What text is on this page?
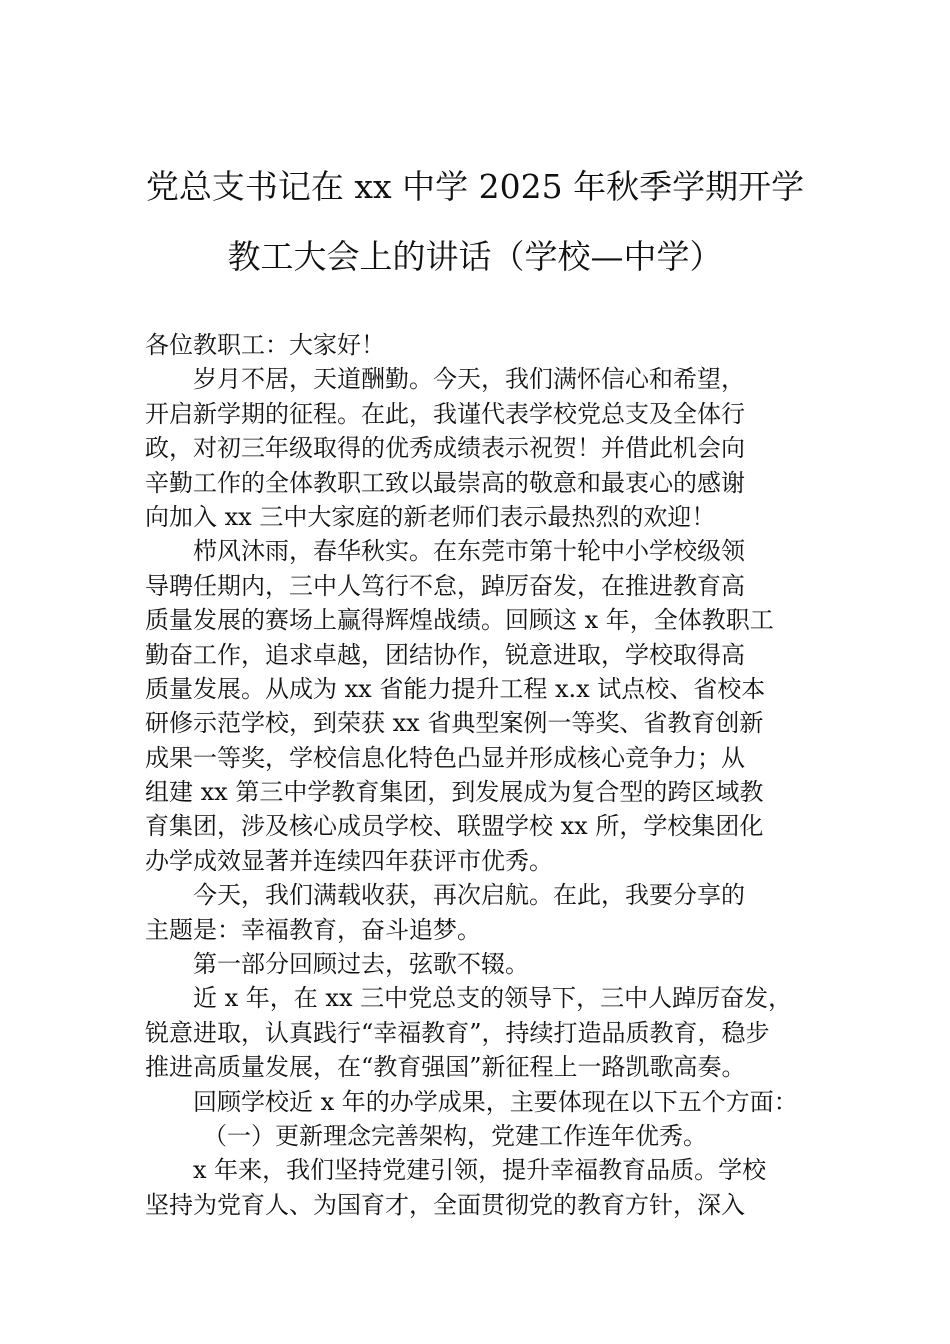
党总支书记在 xx 中学 2025 年秋季学期开学
教工大会上的讲话（学校—中学）

各位教职工：大家好！

岁月不居，天道酬勤。今天，我们满怀信心和希望，

开启新学期的征程。在此，我谨代表学校党总支及全体行

政，对初三年级取得的优秀成绩表示祝贺！并借此机会向

辛勤工作的全体教职工致以最崇高的敬意和最衷心的感谢

向加入 xx 三中大家庭的新老师们表示最热烈的欢迎！

栉风沐雨，春华秋实。在东莞市第十轮中小学校级领

导聘任期内，三中人笃行不怠，踔厉奋发，在推进教育高

质量发展的赛场上赢得辉煌战绩。回顾这 x 年，全体教职工

勤奋工作，追求卓越，团结协作，锐意进取，学校取得高

质量发展。从成为 xx 省能力提升工程 x.x 试点校、省校本

研修示范学校，到荣获 xx 省典型案例一等奖、省教育创新

成果一等奖，学校信息化特色凸显并形成核心竞争力；从

组建 xx 第三中学教育集团，到发展成为复合型的跨区域教

育集团，涉及核心成员学校、联盟学校 xx 所，学校集团化

办学成效显著并连续四年获评市优秀。

今天，我们满载收获，再次启航。在此，我要分享的

主题是：幸福教育，奋斗追梦。

第一部分回顾过去，弦歌不辍。

近 x 年，在 xx 三中党总支的领导下，三中人踔厉奋发，

锐意进取，认真践行“幸福教育”，持续打造品质教育，稳步

推进高质量发展，在“教育强国”新征程上一路凯歌高奏。

回顾学校近 x 年的办学成果，主要体现在以下五个方面：

（一）更新理念完善架构，党建工作连年优秀。

x 年来，我们坚持党建引领，提升幸福教育品质。学校

坚持为党育人、为国育才，全面贯彻党的教育方针，深入
